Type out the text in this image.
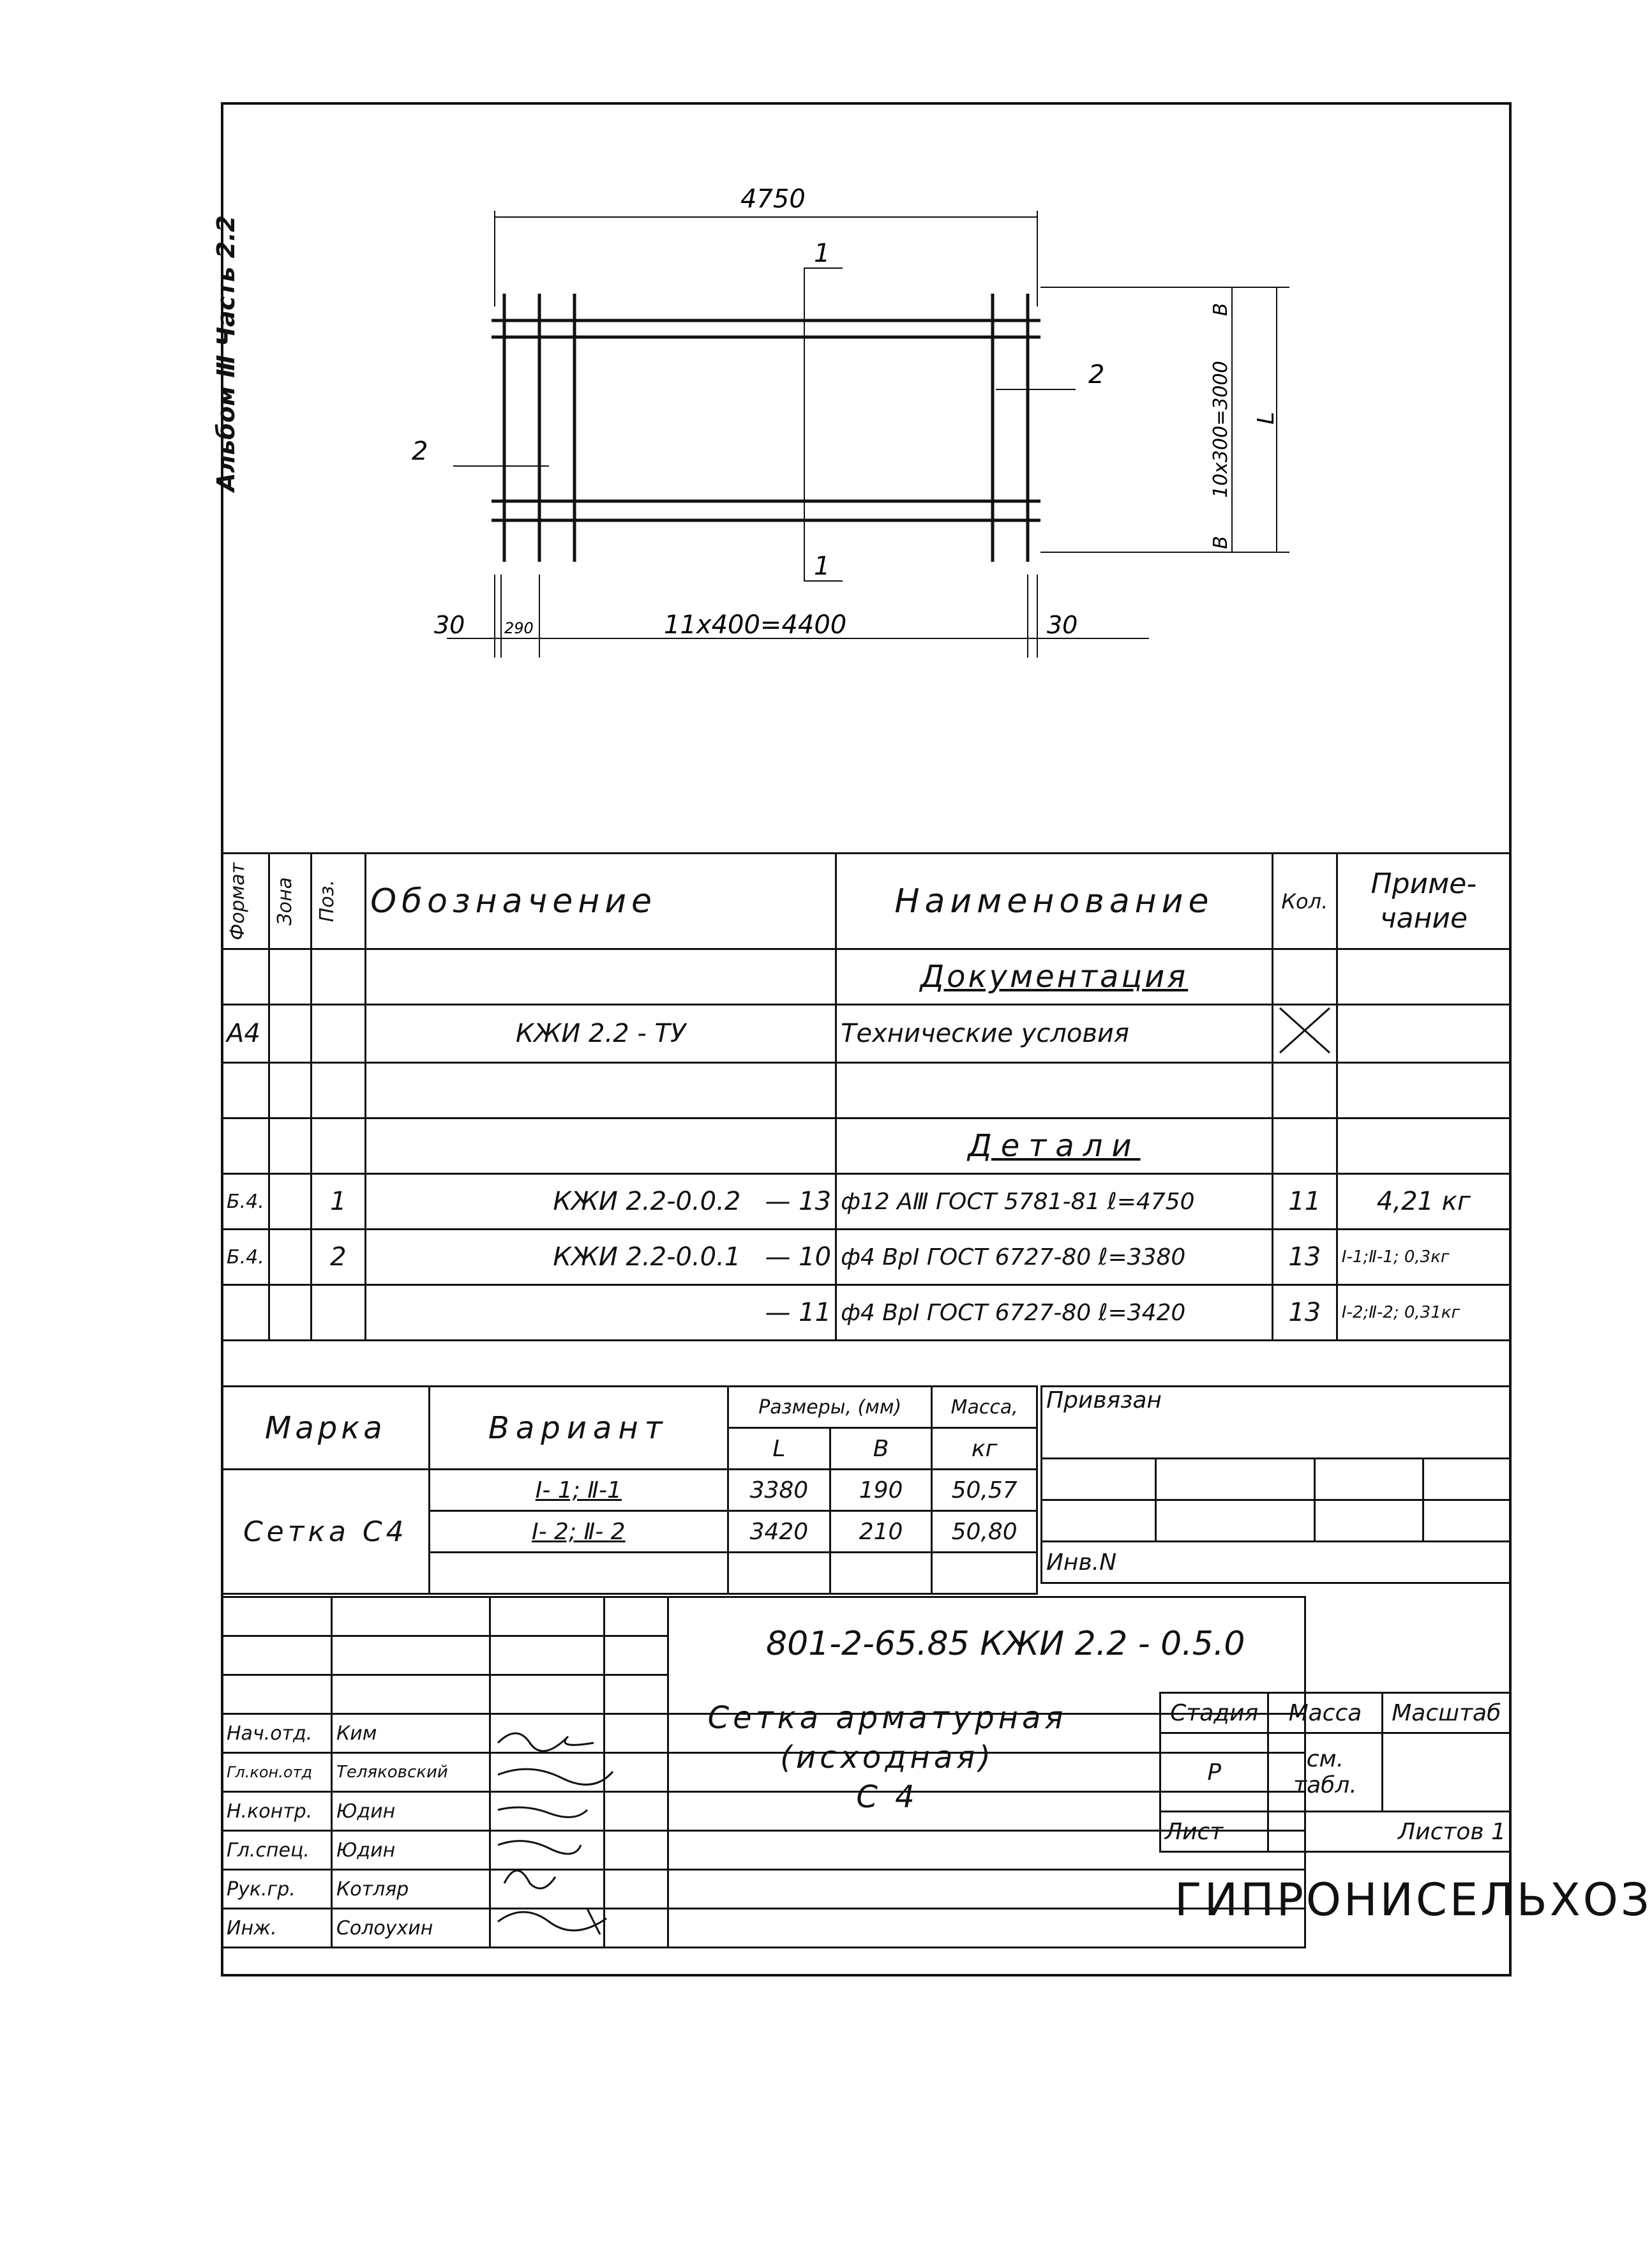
Альбом Ⅲ Часть 2.2
4750
1
1
2
2	10x300=3000 L
B
B
30	290	11x400=4400	30
Формат	Зона	Поз.	Обозначение	Наименование	Кол.	Приме-чание
				Документация		
А4			КЖИ 2.2 - ТУ	Технические условия		

				Детали		
Б.4.		1	КЖИ 2.2-0.0.2 — 13	ф12 АⅢ ГОСТ 5781-81 ℓ=4750	11	4,21 кг
Б.4.		2	КЖИ 2.2-0.0.1 — 10	ф4 ВрⅠ ГОСТ 6727-80 ℓ=3380	13	Ⅰ-1;Ⅱ-1; 0,3кг
			— 11	ф4 ВрⅠ ГОСТ 6727-80 ℓ=3420	13	Ⅰ-2;Ⅱ-2; 0,31кг
Марка	Вариант	Размеры, (мм)		Масса,
		L	B	кг
Сетка С4	Ⅰ- 1; Ⅱ-1	3380	190	50,57
	Ⅰ- 2; Ⅱ- 2	3420	210	50,80

Привязан			

Инв.N			

Нач.отд.	Ким			
Гл.кон.отд	Теляковский			
Н.контр.	Юдин			
Гл.спец.	Юдин			
Рук.гр.	Котляр			
Инж.	Солоухин			
801-2-65.85 КЖИ 2.2 - 0.5.0
Сетка арматурная
(исходная)
С 4
Стадия	Масса	Масштаб
Р	см. табл.	
Лист	Листов 1	
ГИПРОНИСЕЛЬХОЗ
